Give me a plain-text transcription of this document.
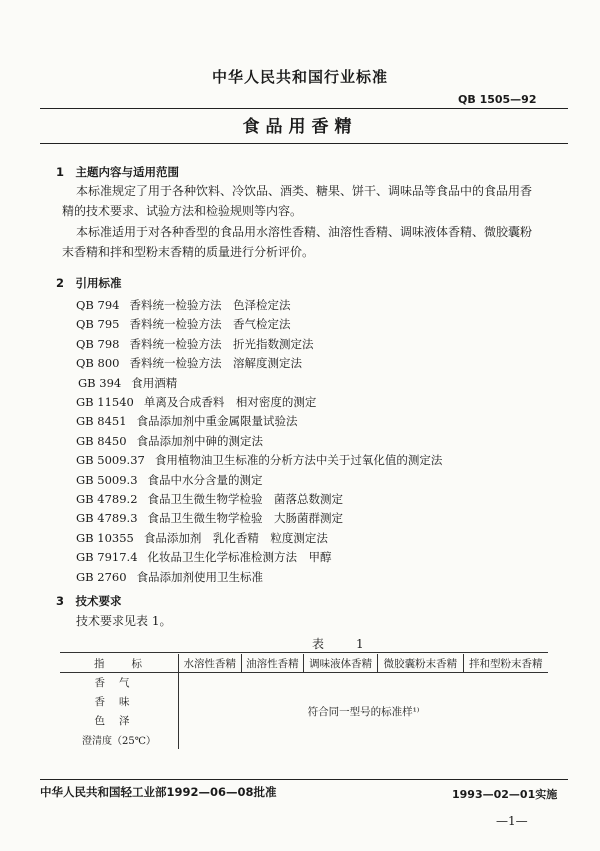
中华人民共和国行业标准
QB 1505—92
食品用香精
1　主题内容与适用范围
本标准规定了用于各种饮料、冷饮品、酒类、糖果、饼干、调味品等食品中的食品用香
精的技术要求、试验方法和检验规则等内容。
本标准适用于对各种香型的食品用水溶性香精、油溶性香精、调味液体香精、微胶囊粉
末香精和拌和型粉末香精的质量进行分析评价。
2　引用标准
QB 794 香料统一检验方法　色泽检定法
QB 795 香料统一检验方法　香气检定法
QB 798 香料统一检验方法　折光指数测定法
QB 800 香料统一检验方法　溶解度测定法
GB 394 食用酒精
GB 11540 单离及合成香料　相对密度的测定
GB 8451 食品添加剂中重金属限量试验法
GB 8450 食品添加剂中砷的测定法
GB 5009.37 食用植物油卫生标准的分析方法中关于过氧化值的测定法
GB 5009.3 食品中水分含量的测定
GB 4789.2 食品卫生微生物学检验　菌落总数测定
GB 4789.3 食品卫生微生物学检验　大肠菌群测定
GB 10355 食品添加剂　乳化香精　粒度测定法
GB 7917.4 化妆品卫生化学标准检测方法　甲醇
GB 2760 食品添加剂使用卫生标准
3　技术要求
技术要求见表 1。
表　1
指　　标	水溶性香精	油溶性香精	调味液体香精	微胶囊粉末香精	拌和型粉末香精
香气	符合同一型号的标准样¹⁾				
香味					
色泽					
澄清度（25℃）					
中华人民共和国轻工业部1992—06—08批准	1993—02—01实施
—1—
